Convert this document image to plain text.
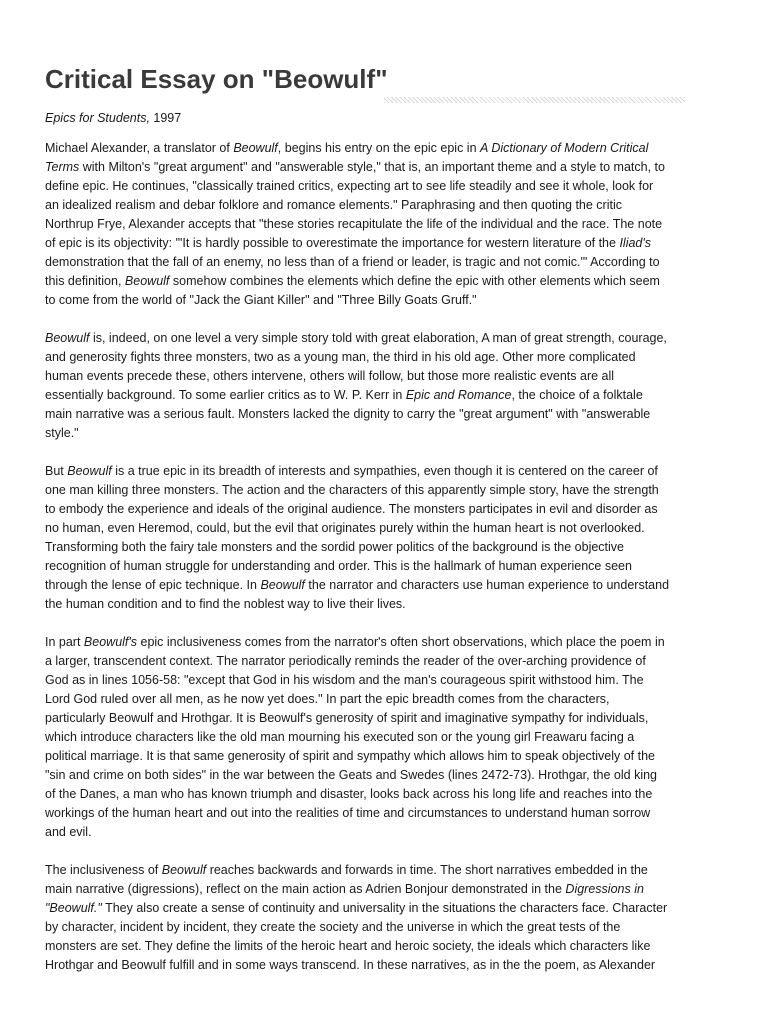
Critical Essay on "Beowulf"
Epics for Students, 1997

Michael Alexander, a translator of Beowulf, begins his entry on the epic epic in A Dictionary of Modern Critical
Terms with Milton's "great argument" and "answerable style," that is, an important theme and a style to match, to
define epic. He continues, "classically trained critics, expecting art to see life steadily and see it whole, look for
an idealized realism and debar folklore and romance elements." Paraphrasing and then quoting the critic
Northrup Frye, Alexander accepts that "these stories recapitulate the life of the individual and the race. The note
of epic is its objectivity: "'It is hardly possible to overestimate the importance for western literature of the Iliad's
demonstration that the fall of an enemy, no less than of a friend or leader, is tragic and not comic.'" According to
this definition, Beowulf somehow combines the elements which define the epic with other elements which seem
to come from the world of "Jack the Giant Killer" and "Three Billy Goats Gruff."

Beowulf is, indeed, on one level a very simple story told with great elaboration, A man of great strength, courage,
and generosity fights three monsters, two as a young man, the third in his old age. Other more complicated
human events precede these, others intervene, others will follow, but those more realistic events are all
essentially background. To some earlier critics as to W. P. Kerr in Epic and Romance, the choice of a folktale
main narrative was a serious fault. Monsters lacked the dignity to carry the "great argument" with "answerable
style."

But Beowulf is a true epic in its breadth of interests and sympathies, even though it is centered on the career of
one man killing three monsters. The action and the characters of this apparently simple story, have the strength
to embody the experience and ideals of the original audience. The monsters participates in evil and disorder as
no human, even Heremod, could, but the evil that originates purely within the human heart is not overlooked.
Transforming both the fairy tale monsters and the sordid power politics of the background is the objective
recognition of human struggle for understanding and order. This is the hallmark of human experience seen
through the lense of epic technique. In Beowulf the narrator and characters use human experience to understand
the human condition and to find the noblest way to live their lives.

In part Beowulf's epic inclusiveness comes from the narrator's often short observations, which place the poem in
a larger, transcendent context. The narrator periodically reminds the reader of the over-arching providence of
God as in lines 1056-58: "except that God in his wisdom and the man's courageous spirit withstood him. The
Lord God ruled over all men, as he now yet does." In part the epic breadth comes from the characters,
particularly Beowulf and Hrothgar. It is Beowulf's generosity of spirit and imaginative sympathy for individuals,
which introduce characters like the old man mourning his executed son or the young girl Freawaru facing a
political marriage. It is that same generosity of spirit and sympathy which allows him to speak objectively of the
"sin and crime on both sides" in the war between the Geats and Swedes (lines 2472-73). Hrothgar, the old king
of the Danes, a man who has known triumph and disaster, looks back across his long life and reaches into the
workings of the human heart and out into the realities of time and circumstances to understand human sorrow
and evil.

The inclusiveness of Beowulf reaches backwards and forwards in time. The short narratives embedded in the
main narrative (digressions), reflect on the main action as Adrien Bonjour demonstrated in the Digressions in
"Beowulf." They also create a sense of continuity and universality in the situations the characters face. Character
by character, incident by incident, they create the society and the universe in which the great tests of the
monsters are set. They define the limits of the heroic heart and heroic society, the ideals which characters like
Hrothgar and Beowulf fulfill and in some ways transcend. In these narratives, as in the the poem, as Alexander
